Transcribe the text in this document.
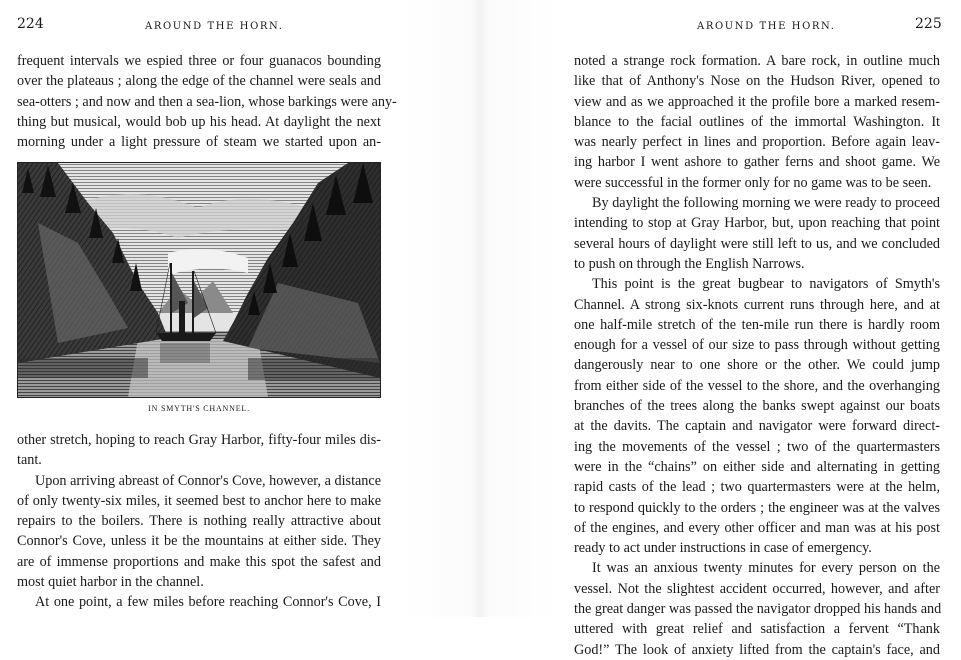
224	AROUND THE HORN.

frequent intervals we espied three or four guanacos bounding
over the plateaus ; along the edge of the channel were seals and
sea-otters ; and now and then a sea-lion, whose barkings were any-
thing but musical, would bob up his head. At daylight the next
morning under a light pressure of steam we started upon an-

IN SMYTH'S CHANNEL.

other stretch, hoping to reach Gray Harbor, fifty-four miles dis-
tant.

Upon arriving abreast of Connor's Cove, however, a distance
of only twenty-six miles, it seemed best to anchor here to make
repairs to the boilers. There is nothing really attractive about
Connor's Cove, unless it be the mountains at either side. They
are of immense proportions and make this spot the safest and
most quiet harbor in the channel.

At one point, a few miles before reaching Connor's Cove, I

AROUND THE HORN.	225

noted a strange rock formation. A bare rock, in outline much
like that of Anthony's Nose on the Hudson River, opened to
view and as we approached it the profile bore a marked resem-
blance to the facial outlines of the immortal Washington. It
was nearly perfect in lines and proportion. Before again leav-
ing harbor I went ashore to gather ferns and shoot game. We
were successful in the former only for no game was to be seen.

By daylight the following morning we were ready to proceed
intending to stop at Gray Harbor, but, upon reaching that point
several hours of daylight were still left to us, and we concluded
to push on through the English Narrows.

This point is the great bugbear to navigators of Smyth's
Channel. A strong six-knots current runs through here, and at
one half-mile stretch of the ten-mile run there is hardly room
enough for a vessel of our size to pass through without getting
dangerously near to one shore or the other. We could jump
from either side of the vessel to the shore, and the overhanging
branches of the trees along the banks swept against our boats
at the davits. The captain and navigator were forward direct-
ing the movements of the vessel ; two of the quartermasters
were in the “chains” on either side and alternating in getting
rapid casts of the lead ; two quartermasters were at the helm,
to respond quickly to the orders ; the engineer was at the valves
of the engines, and every other officer and man was at his post
ready to act under instructions in case of emergency.

It was an anxious twenty minutes for every person on the
vessel. Not the slightest accident occurred, however, and after
the great danger was passed the navigator dropped his hands and
uttered with great relief and satisfaction a fervent “Thank
God!” The look of anxiety lifted from the captain's face, and
